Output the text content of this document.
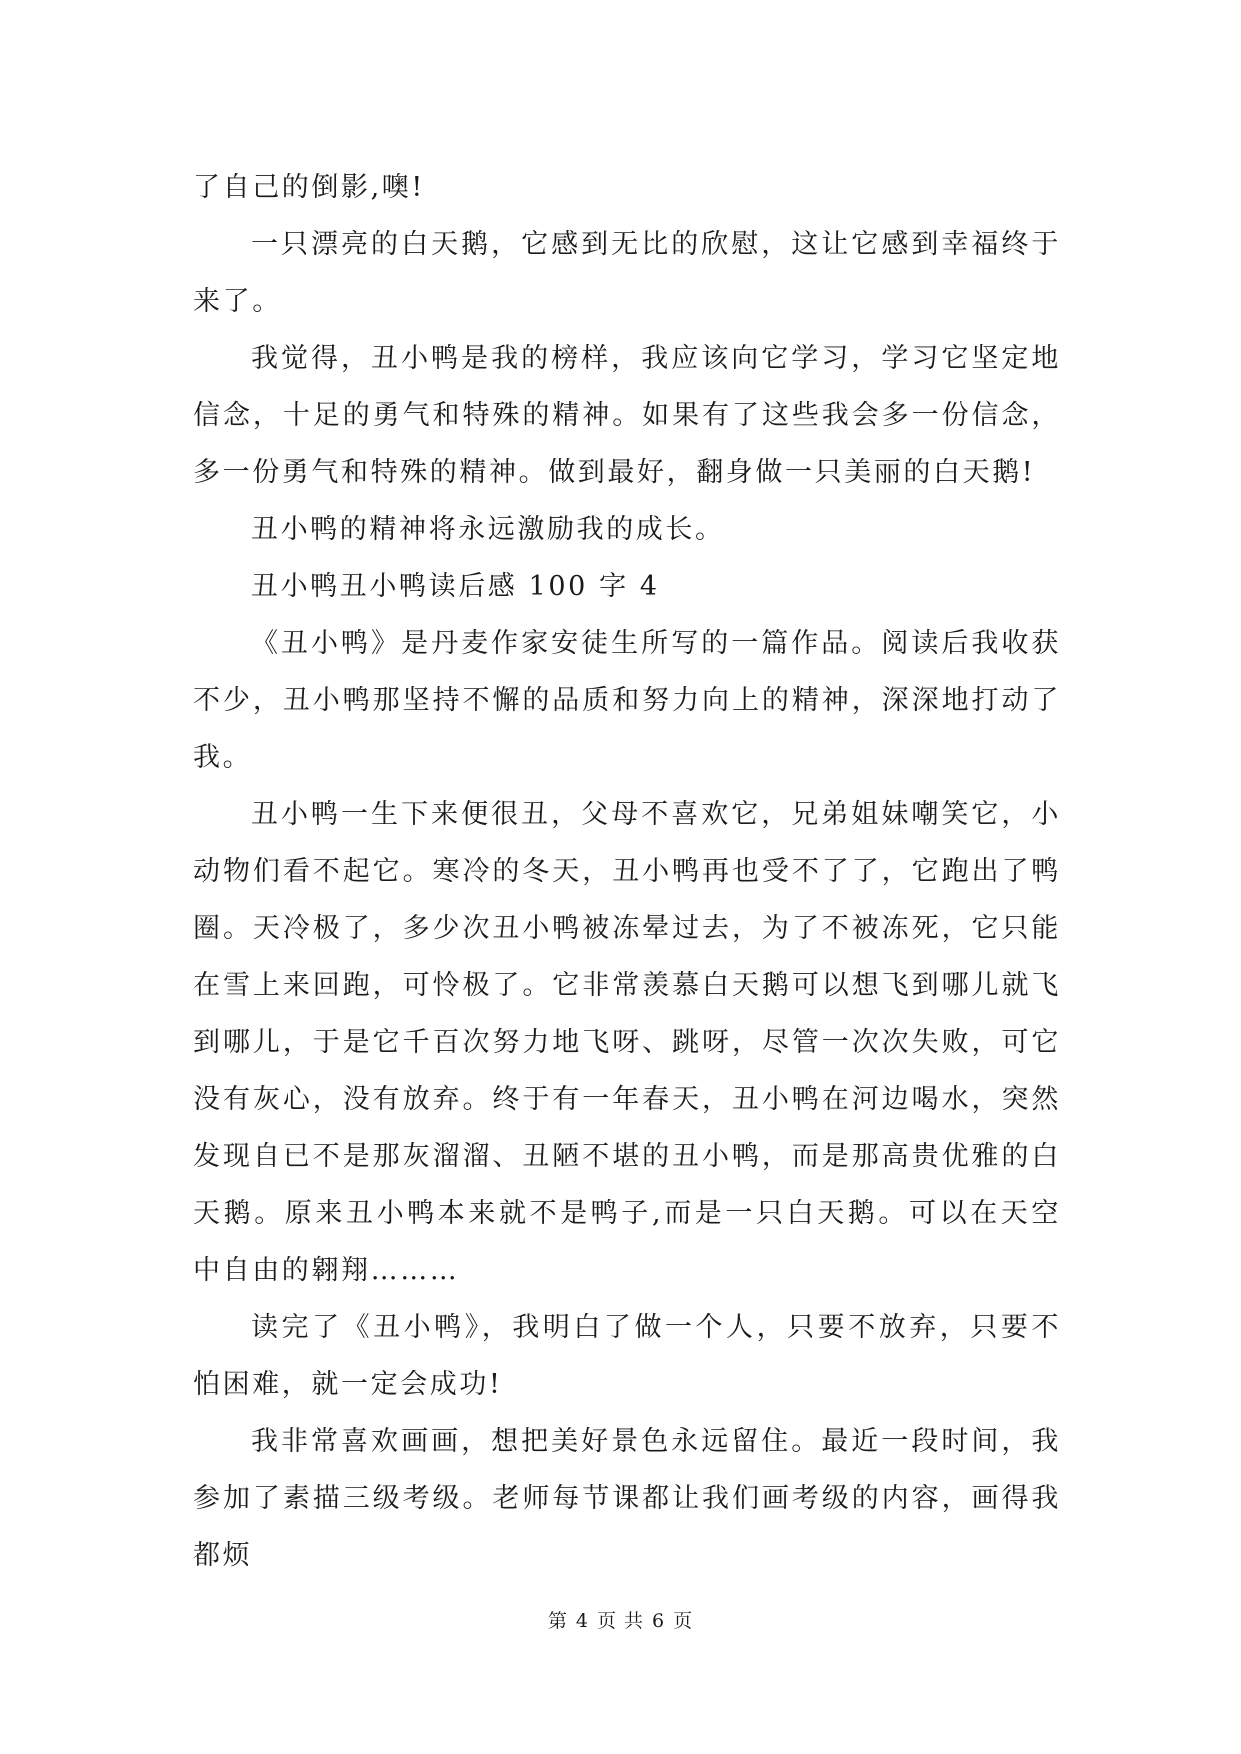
了自己的倒影,噢!

一只漂亮的白天鹅，它感到无比的欣慰，这让它感到幸福终于来了。

我觉得，丑小鸭是我的榜样，我应该向它学习，学习它坚定地信念，十足的勇气和特殊的精神。如果有了这些我会多一份信念，多一份勇气和特殊的精神。做到最好，翻身做一只美丽的白天鹅!

丑小鸭的精神将永远激励我的成长。

丑小鸭丑小鸭读后感 100 字 4

《丑小鸭》是丹麦作家安徒生所写的一篇作品。阅读后我收获不少，丑小鸭那坚持不懈的品质和努力向上的精神，深深地打动了我。

丑小鸭一生下来便很丑，父母不喜欢它，兄弟姐妹嘲笑它，小动物们看不起它。寒冷的冬天，丑小鸭再也受不了了，它跑出了鸭圈。天冷极了，多少次丑小鸭被冻晕过去，为了不被冻死，它只能在雪上来回跑，可怜极了。它非常羡慕白天鹅可以想飞到哪儿就飞到哪儿，于是它千百次努力地飞呀、跳呀，尽管一次次失败，可它没有灰心，没有放弃。终于有一年春天，丑小鸭在河边喝水，突然发现自已不是那灰溜溜、丑陋不堪的丑小鸭，而是那高贵优雅的白天鹅。原来丑小鸭本来就不是鸭子,而是一只白天鹅。可以在天空中自由的翱翔………

读完了《丑小鸭》，我明白了做一个人，只要不放弃，只要不怕困难，就一定会成功!

我非常喜欢画画，想把美好景色永远留住。最近一段时间，我参加了素描三级考级。老师每节课都让我们画考级的内容，画得我都烦

第 4 页 共 6 页
